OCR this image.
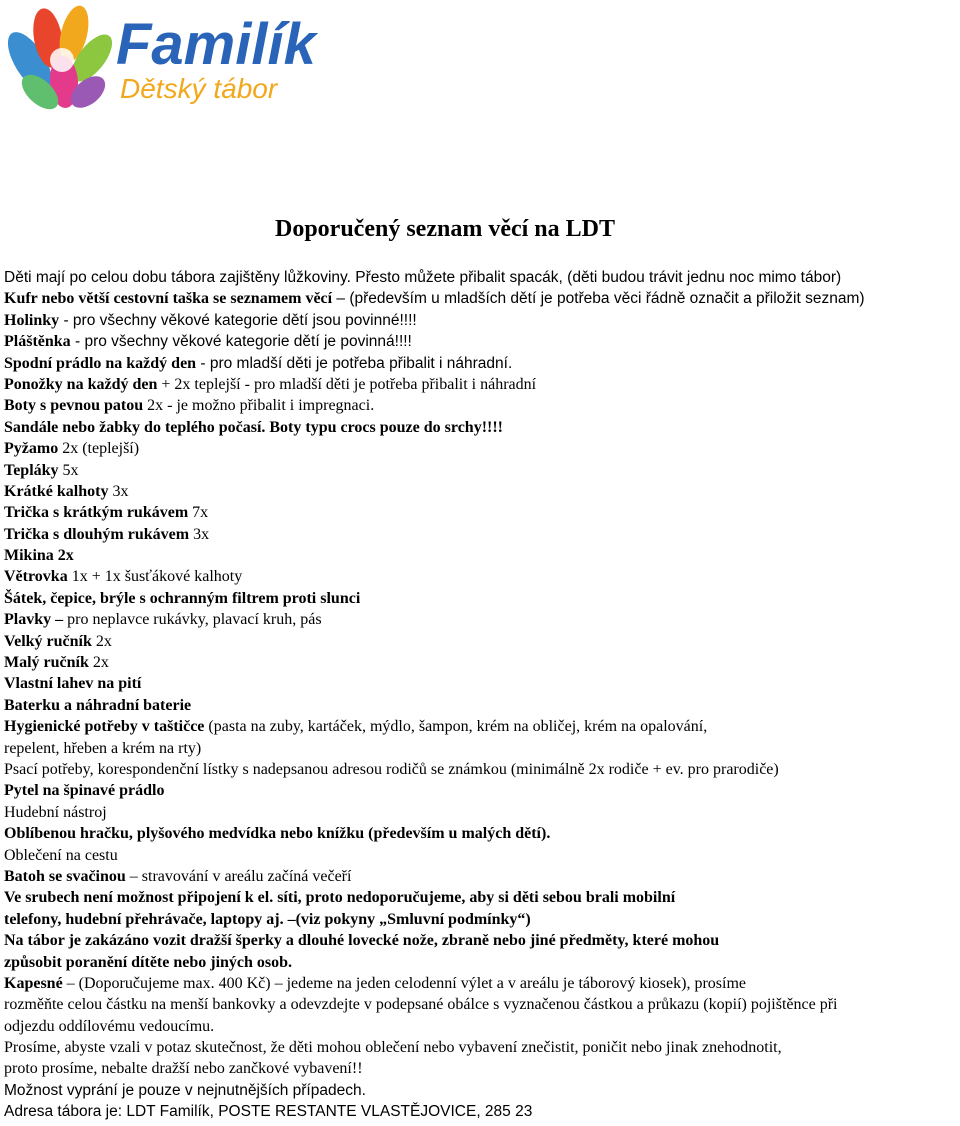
Familík
Dětský tábor
Doporučený seznam věcí na LDT

Děti mají po celou dobu tábora zajištěny lůžkoviny. Přesto můžete přibalit spacák, (děti budou trávit jednu noc mimo tábor)

Kufr nebo větší cestovní taška se seznamem věcí – (především u mladších dětí je potřeba věci řádně označit a přiložit seznam)

Holinky - pro všechny věkové kategorie dětí jsou povinné!!!!

Pláštěnka - pro všechny věkové kategorie dětí je povinná!!!!

Spodní prádlo na každý den - pro mladší děti je potřeba přibalit i náhradní.

Ponožky na každý den + 2x teplejší - pro mladší děti je potřeba přibalit i náhradní

Boty s pevnou patou 2x - je možno přibalit i impregnaci.

Sandále nebo žabky do teplého počasí. Boty typu crocs pouze do srchy!!!!

Pyžamo 2x (teplejší)

Tepláky 5x

Krátké kalhoty 3x

Trička s krátkým rukávem 7x

Trička s dlouhým rukávem 3x

Mikina 2x

Větrovka 1x + 1x šusťákové kalhoty

Šátek, čepice, brýle s ochranným filtrem proti slunci

Plavky – pro neplavce rukávky, plavací kruh, pás

Velký ručník 2x

Malý ručník 2x

Vlastní lahev na pití

Baterku a náhradní baterie

Hygienické potřeby v taštičce (pasta na zuby, kartáček, mýdlo, šampon, krém na obličej, krém na opalování,

repelent, hřeben a krém na rty)

Psací potřeby, korespondenční lístky s nadepsanou adresou rodičů se známkou (minimálně 2x rodiče + ev. pro prarodiče)

Pytel na špinavé prádlo

Hudební nástroj

Oblíbenou hračku, plyšového medvídka nebo knížku (především u malých dětí).

Oblečení na cestu

Batoh se svačinou – stravování v areálu začíná večeří

Ve srubech není možnost připojení k el. síti, proto nedoporučujeme, aby si děti sebou brali mobilní

telefony, hudební přehrávače, laptopy aj. –(viz pokyny „Smluvní podmínky“)

Na tábor je zakázáno vozit dražší šperky a dlouhé lovecké nože, zbraně nebo jiné předměty, které mohou

způsobit poranění dítěte nebo jiných osob.

Kapesné – (Doporučujeme max. 400 Kč) – jedeme na jeden celodenní výlet a v areálu je táborový kiosek), prosíme

rozměňte celou částku na menší bankovky a odevzdejte v podepsané obálce s vyznačenou částkou a průkazu (kopií) pojištěnce při

odjezdu oddílovému vedoucímu.

Prosíme, abyste vzali v potaz skutečnost, že děti mohou oblečení nebo vybavení znečistit, poničit nebo jinak znehodnotit,

proto prosíme, nebalte dražší nebo zančkové vybavení!!

Možnost vyprání je pouze v nejnutnějších případech.

Adresa tábora je: LDT Familík, POSTE RESTANTE VLASTĚJOVICE, 285 23
